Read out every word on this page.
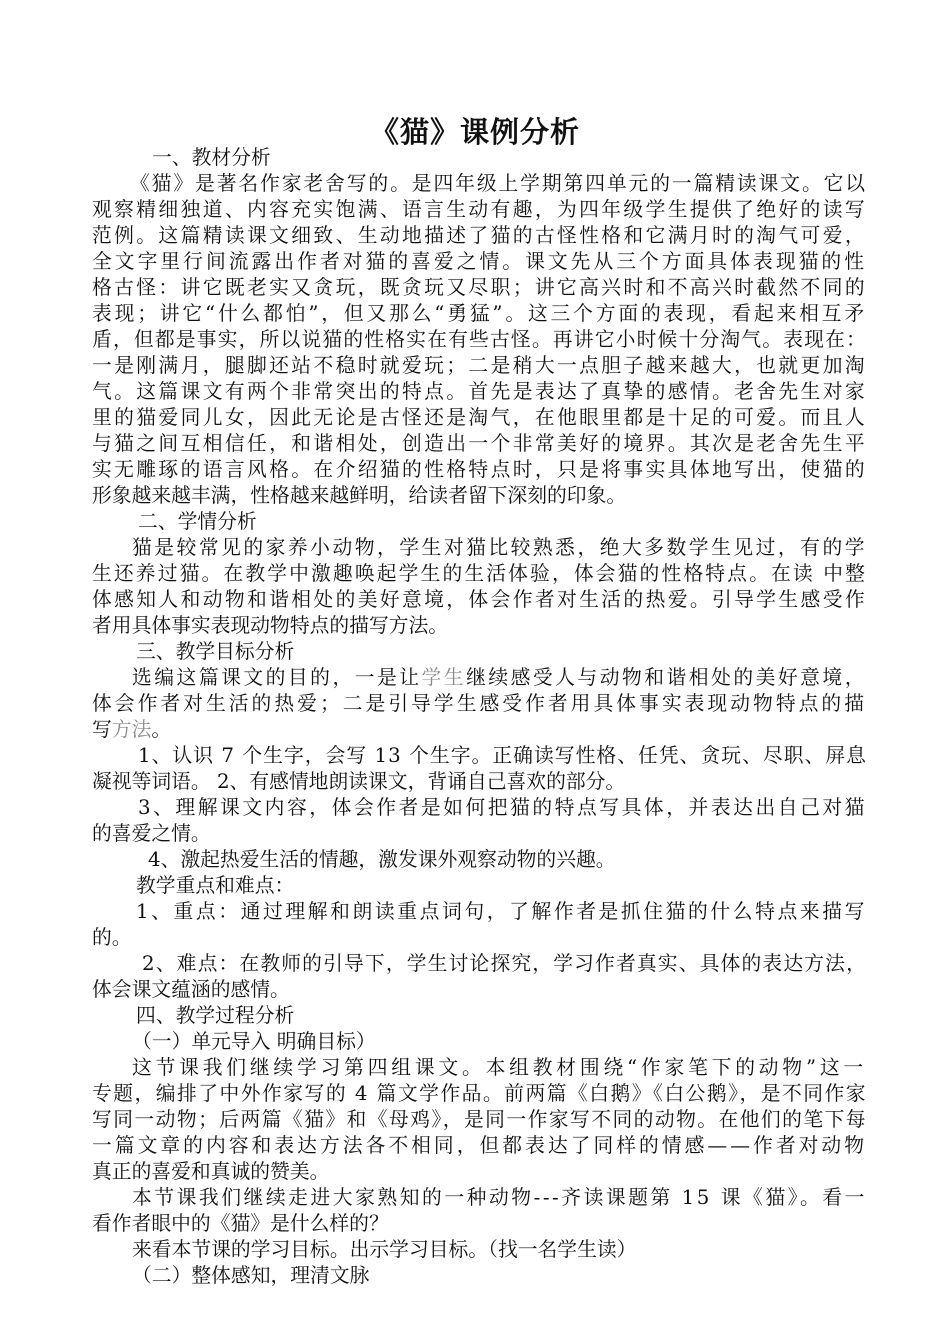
《猫》课例分析

一、教材分析

《猫》是著名作家老舍写的。是四年级上学期第四单元的一篇精读课文。它以
观察精细独道、内容充实饱满、语言生动有趣，为四年级学生提供了绝好的读写
范例。这篇精读课文细致、生动地描述了猫的古怪性格和它满月时的淘气可爱，
全文字里行间流露出作者对猫的喜爱之情。课文先从三个方面具体表现猫的性
格古怪：讲它既老实又贪玩，既贪玩又尽职；讲它高兴时和不高兴时截然不同的
表现；讲它“什么都怕”，但又那么“勇猛”。这三个方面的表现，看起来相互矛
盾，但都是事实，所以说猫的性格实在有些古怪。再讲它小时候十分淘气。表现在：
一是刚满月，腿脚还站不稳时就爱玩；二是稍大一点胆子越来越大，也就更加淘
气。这篇课文有两个非常突出的特点。首先是表达了真挚的感情。老舍先生对家
里的猫爱同儿女，因此无论是古怪还是淘气，在他眼里都是十足的可爱。而且人
与猫之间互相信任，和谐相处，创造出一个非常美好的境界。其次是老舍先生平
实无雕琢的语言风格。在介绍猫的性格特点时，只是将事实具体地写出，使猫的
形象越来越丰满，性格越来越鲜明，给读者留下深刻的印象。

二、学情分析

猫是较常见的家养小动物，学生对猫比较熟悉，绝大多数学生见过，有的学
生还养过猫。在教学中激趣唤起学生的生活体验，体会猫的性格特点。在读 中整
体感知人和动物和谐相处的美好意境，体会作者对生活的热爱。引导学生感受作
者用具体事实表现动物特点的描写方法。

三、教学目标分析

选编这篇课文的目的，一是让学生继续感受人与动物和谐相处的美好意境，
体会作者对生活的热爱；二是引导学生感受作者用具体事实表现动物特点的描
写方法。

1、认识 7 个生字，会写 13 个生字。正确读写性格、任凭、贪玩、尽职、屏息
凝视等词语。 2、有感情地朗读课文，背诵自己喜欢的部分。

3、理解课文内容，体会作者是如何把猫的特点写具体，并表达出自己对猫
的喜爱之情。

4、激起热爱生活的情趣，激发课外观察动物的兴趣。

教学重点和难点：

1、重点：通过理解和朗读重点词句，了解作者是抓住猫的什么特点来描写
的。

2、难点：在教师的引导下，学生讨论探究，学习作者真实、具体的表达方法，
体会课文蕴涵的感情。

四、教学过程分析

（一）单元导入 明确目标）

这节课我们继续学习第四组课文。本组教材围绕“作家笔下的动物”这一
专题，编排了中外作家写的 4 篇文学作品。前两篇《白鹅》《白公鹅》，是不同作家
写同一动物；后两篇《猫》和《母鸡》，是同一作家写不同的动物。在他们的笔下每
一篇文章的内容和表达方法各不相同，但都表达了同样的情感——作者对动物
真正的喜爱和真诚的赞美。

本节课我们继续走进大家熟知的一种动物---齐读课题第 15 课《猫》。看一
看作者眼中的《猫》是什么样的？

来看本节课的学习目标。出示学习目标。（找一名学生读）

（二）整体感知，理清文脉
